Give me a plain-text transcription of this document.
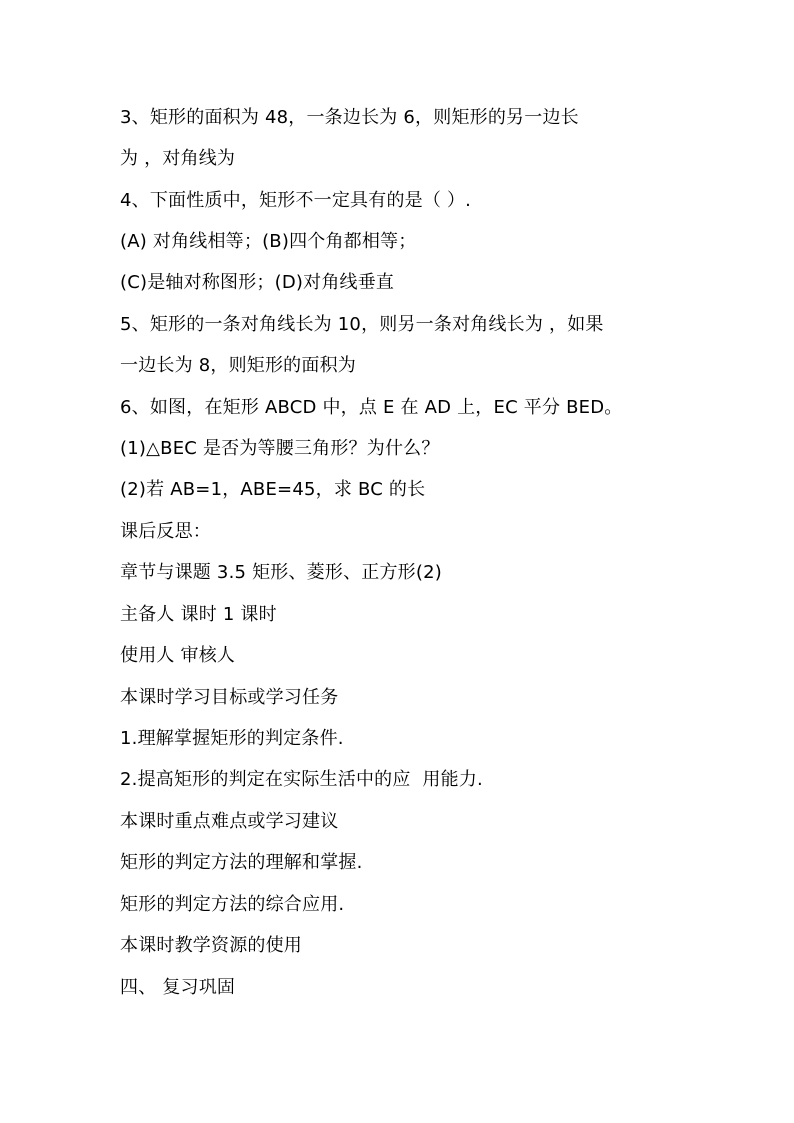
3、矩形的面积为 48，一条边长为 6，则矩形的另一边长
为 ，对角线为
4、下面性质中，矩形不一定具有的是（ ）.
(A) 对角线相等；(B)四个角都相等；
(C)是轴对称图形；(D)对角线垂直
5、矩形的一条对角线长为 10，则另一条对角线长为 ，如果
一边长为 8，则矩形的面积为
6、如图，在矩形 ABCD 中，点 E 在 AD 上，EC 平分 BED。
(1)△BEC 是否为等腰三角形？为什么？
(2)若 AB=1，ABE=45，求 BC 的长
课后反思：
章节与课题 3.5 矩形、菱形、正方形(2)
主备人 课时 1 课时
使用人 审核人
本课时学习目标或学习任务
1.理解掌握矩形的判定条件.
2.提高矩形的判定在实际生活中的应  用能力.
本课时重点难点或学习建议
矩形的判定方法的理解和掌握.
矩形的判定方法的综合应用.
本课时教学资源的使用
四、 复习巩固
